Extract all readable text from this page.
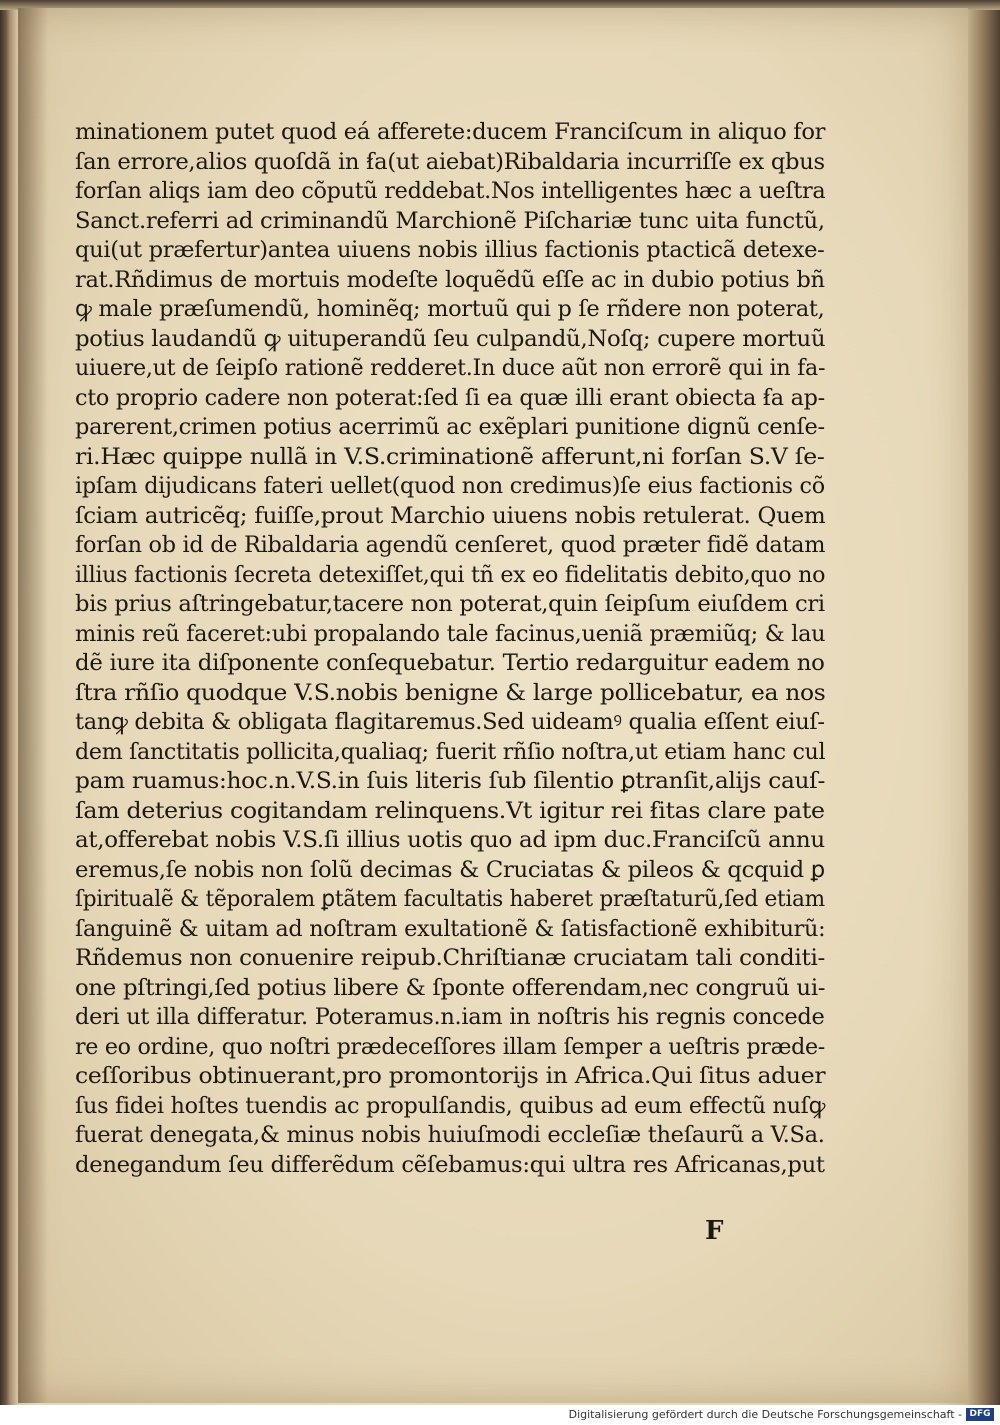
minationem putet quod eá afferete:ducem Franciſcum in aliquo for
ſan errore,alios quoſdã in ẜa(ut aiebat)Ribaldaria incurriſſe ex qbus
forſan aliqs iam deo cõputũ reddebat.Nos intelligentes hæc a ueſtra
Sanct.referri ad criminandũ Marchionẽ Piſchariæ tunc uita functũ,
qui(ut præfertur)antea uiuens nobis illius factionis ptacticã detexe-
rat.Rñdimus de mortuis modeſte loquẽdũ eſſe ac in dubio potius bñ
ꝙ male præſumendũ, hominẽq; mortuũ qui p ſe rñdere non poterat,
potius laudandũ ꝙ uituperandũ ſeu culpandũ,Noſq; cupere mortuũ
uiuere,ut de ſeipſo rationẽ redderet.In duce aũt non errorẽ qui in fa-
cto proprio cadere non poterat:ſed ſi ea quæ illi erant obiecta ẜa ap-
parerent,crimen potius acerrimũ ac exẽplari punitione dignũ cenſe-
ri.Hæc quippe nullã in V.S.criminationẽ afferunt,ni forſan S.V ſe-
ipſam dijudicans fateri uellet(quod non credimus)ſe eius factionis cõ
ſciam autricẽq; fuiſſe,prout Marchio uiuens nobis retulerat. Quem
forſan ob id de Ribaldaria agendũ cenſeret, quod præter fidẽ datam
illius factionis ſecreta detexiſſet,qui tñ ex eo fidelitatis debito,quo no
bis prius aſtringebatur,tacere non poterat,quin ſeipſum eiuſdem cri
minis reũ faceret:ubi propalando tale facinus,ueniã præmiũq; & lau
dẽ iure ita diſponente conſequebatur. Tertio redarguitur eadem no
ſtra rñſio quodque V.S.nobis benigne & large pollicebatur, ea nos
tanꝙ debita & obligata flagitaremus.Sed uideamꝰ qualia eſſent eiuſ-
dem ſanctitatis pollicita,qualiaq; fuerit rñſio noſtra,ut etiam hanc cul
pam ruamus:hoc.n.V.S.in ſuis literis ſub ſilentio ꝑtranſit,alijs cauſ-
ſam deterius cogitandam relinquens.Vt igitur rei ẜitas clare pate
at,offerebat nobis V.S.ſi illius uotis quo ad ipm duc.Franciſcũ annu
eremus,ſe nobis non ſolũ decimas & Cruciatas & pileos & qcquid ꝑ
ſpiritualẽ & tẽporalem ꝑtãtem facultatis haberet præſtaturũ,ſed etiam
ſanguinẽ & uitam ad noſtram exultationẽ & ſatisfactionẽ exhibiturũ:
Rñdemus non conuenire reipub.Chriſtianæ cruciatam tali conditi-
one pſtringi,ſed potius libere & ſponte offerendam,nec congruũ ui-
deri ut illa differatur. Poteramus.n.iam in noſtris his regnis concede
re eo ordine, quo noſtri prædeceſſores illam ſemper a ueſtris præde-
ceſſoribus obtinuerant,pro promontorijs in Africa.Qui ſitus aduer
ſus fidei hoſtes tuendis ac propulſandis, quibus ad eum effectũ nuſꝙ
fuerat denegata,& minus nobis huiuſmodi eccleſiæ theſaurũ a V.Sa.
denegandum ſeu differẽdum cẽſebamus:qui ultra res Africanas,put
F
Digitalisierung gefördert durch die Deutsche Forschungsgemeinschaft - DFG
